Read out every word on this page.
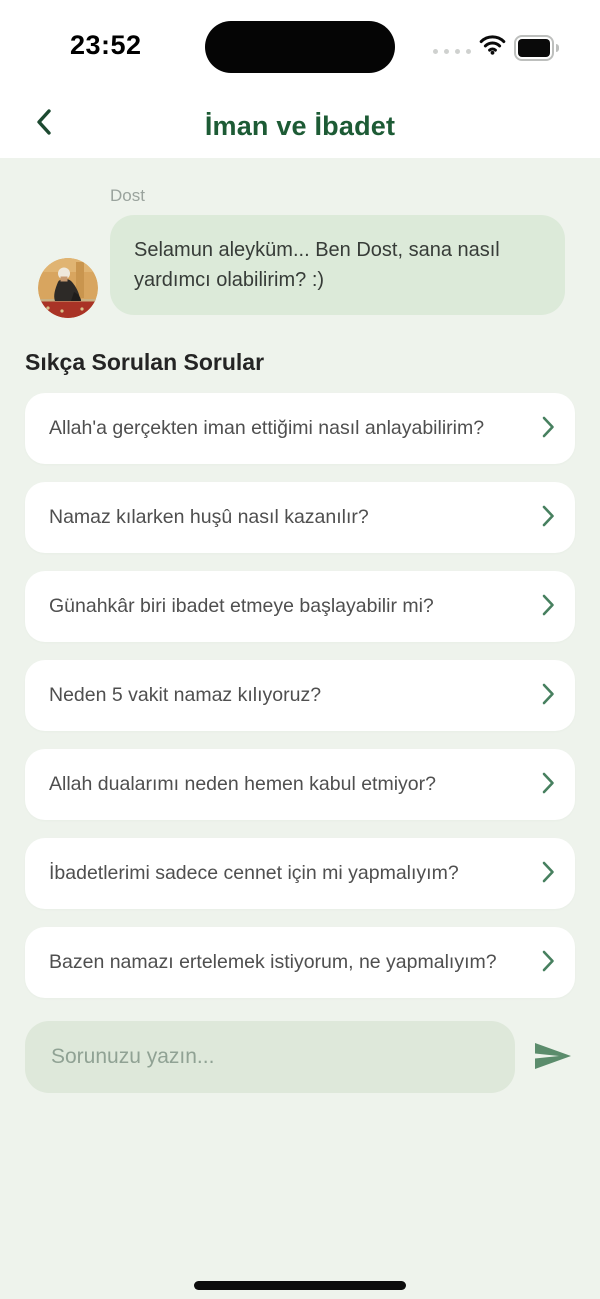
23:52
İman ve İbadet
Dost
Selamun aleyküm... Ben Dost, sana nasıl yardımcı olabilirim? :)
Sıkça Sorulan Sorular
Allah'a gerçekten iman ettiğimi nasıl anlayabilirim?
Namaz kılarken huşû nasıl kazanılır?
Günahkâr biri ibadet etmeye başlayabilir mi?
Neden 5 vakit namaz kılıyoruz?
Allah dualarımı neden hemen kabul etmiyor?
İbadetlerimi sadece cennet için mi yapmalıyım?
Bazen namazı ertelemek istiyorum, ne yapmalıyım?
Sorunuzu yazın...
